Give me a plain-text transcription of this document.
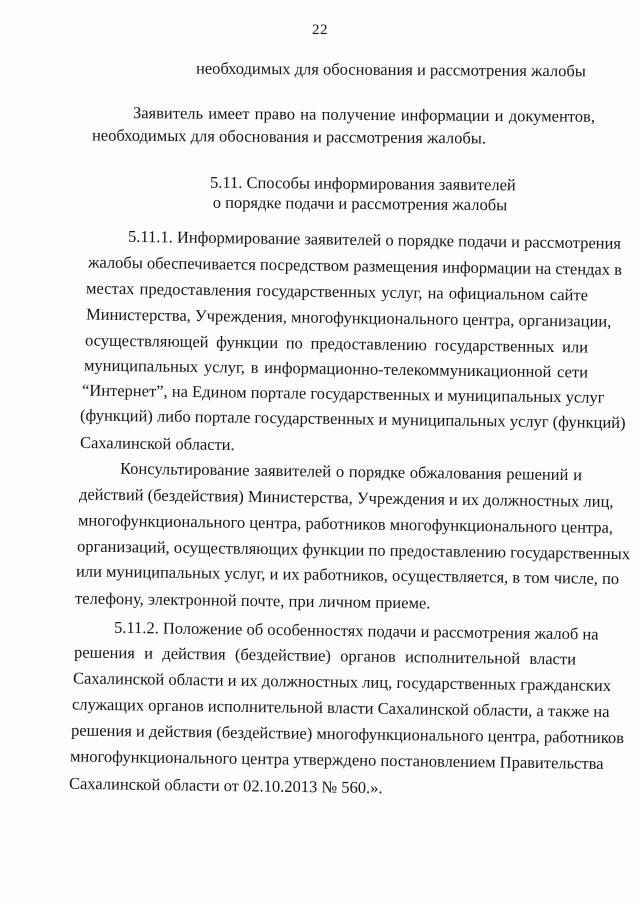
22
необходимых для обоснования и рассмотрения жалобы
Заявитель имеет право на получение информации и документов,
необходимых для обоснования и рассмотрения жалобы.
5.11. Способы информирования заявителей
о порядке подачи и рассмотрения жалобы
5.11.1. Информирование заявителей о порядке подачи и рассмотрения
жалобы обеспечивается посредством размещения информации на стендах в
местах предоставления государственных услуг, на официальном сайте
Министерства, Учреждения, многофункционального центра, организации,
осуществляющей функции по предоставлению государственных или
муниципальных услуг, в информационно-телекоммуникационной сети
“Интернет”, на Едином портале государственных и муниципальных услуг
(функций) либо портале государственных и муниципальных услуг (функций)
Сахалинской области.
Консультирование заявителей о порядке обжалования решений и
действий (бездействия) Министерства, Учреждения и их должностных лиц,
многофункционального центра, работников многофункционального центра,
организаций, осуществляющих функции по предоставлению государственных
или муниципальных услуг, и их работников, осуществляется, в том числе, по
телефону, электронной почте, при личном приеме.
5.11.2. Положение об особенностях подачи и рассмотрения жалоб на
решения и действия (бездействие) органов исполнительной власти
Сахалинской области и их должностных лиц, государственных гражданских
служащих органов исполнительной власти Сахалинской области, а также на
решения и действия (бездействие) многофункционального центра, работников
многофункционального центра утверждено постановлением Правительства
Сахалинской области от 02.10.2013 № 560.».
